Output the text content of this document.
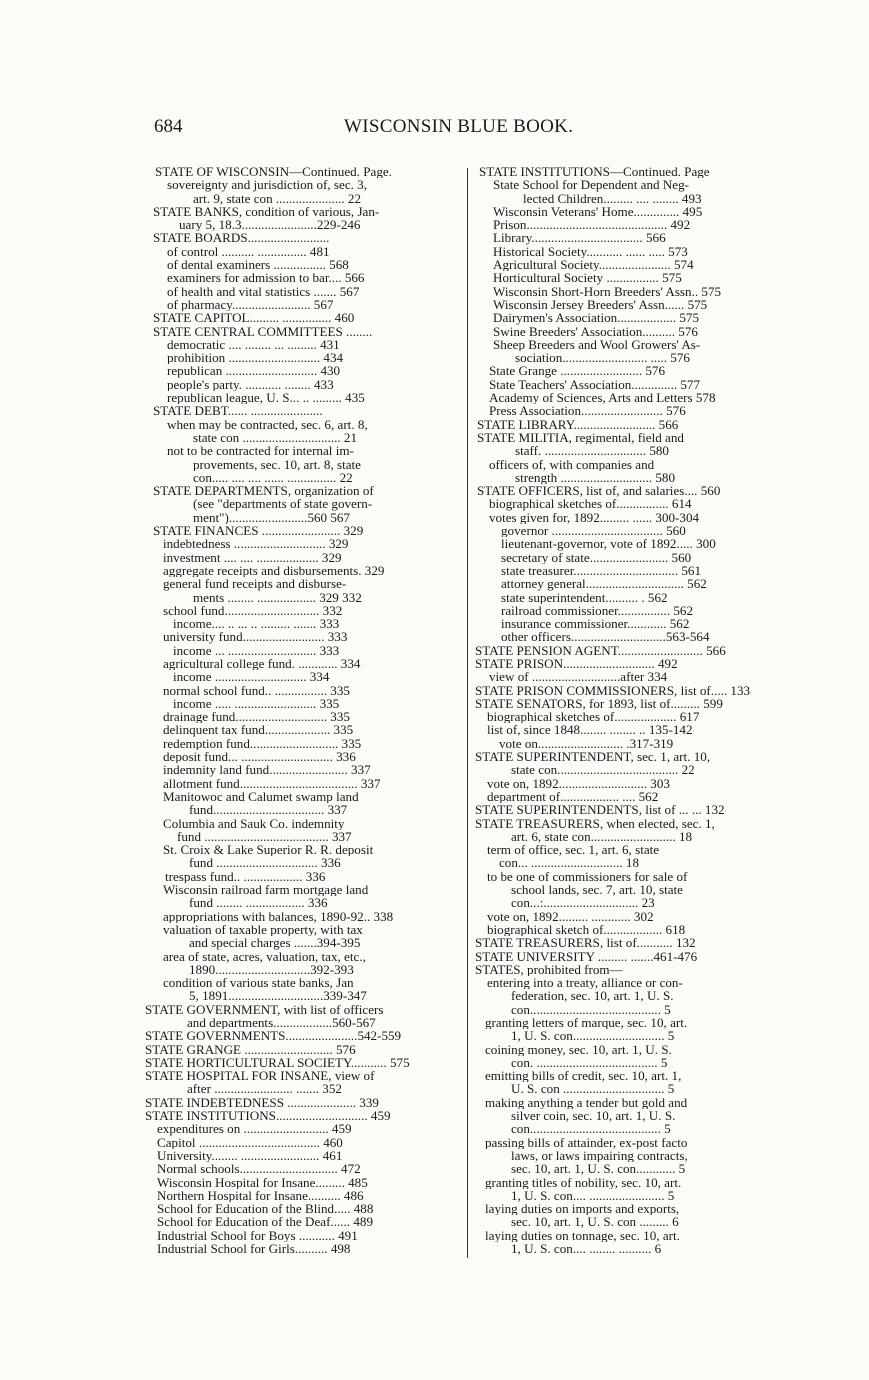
684	WISCONSIN BLUE BOOK.
STATE OF WISCONSIN—Continued. Page.
sovereignty and jurisdiction of, sec. 3,
art. 9, state con ..................... 22
STATE BANKS, condition of various, Jan-
uary 5, 18.3.......................229-246
STATE BOARDS.........................
of control .......... ............... 481
of dental examiners ................ 568
examiners for admission to bar.... 566
of health and vital statistics ....... 567
of pharmacy........................ 567
STATE CAPITOL......... ............... 460
STATE CENTRAL COMMITTEES ........
democratic .... ........ ... ......... 431
prohibition ............................ 434
republican ............................ 430
people's party. ........... ........ 433
republican league, U. S... .. ......... 435
STATE DEBT...... ......................
when may be contracted, sec. 6, art. 8,
state con .............................. 21
not to be contracted for internal im-
provements, sec. 10, art. 8, state
con..... .... .... ...... ............... 22
STATE DEPARTMENTS, organization of
(see "departments of state govern-
ment")........................560 567
STATE FINANCES ........................ 329
indebtedness ............................ 329
investment .... .... ................... 329
aggregate receipts and disbursements. 329
general fund receipts and disburse-
ments ........ .................. 329 332
school fund............................. 332
income.... .. ... .. ......... ....... 333
university fund......................... 333
income ... ........................... 333
agricultural college fund. ............ 334
income ............................ 334
normal school fund.. ................ 335
income ..... ......................... 335
drainage fund............................ 335
delinquent tax fund.................... 335
redemption fund........................... 335
deposit fund... ............................ 336
indemnity land fund........................ 337
allotment fund.................................... 337
Manitowoc and Calumet swamp land
fund.................................. 337
Columbia and Sauk Co. indemnity
fund ...................................... 337
St. Croix & Lake Superior R. R. deposit
fund ............................... 336
trespass fund.. .................. 336
Wisconsin railroad farm mortgage land
fund ........ .................. 336
appropriations with balances, 1890-92.. 338
valuation of taxable property, with tax
and special charges .......394-395
area of state, acres, valuation, tax, etc.,
1890.............................392-393
condition of various state banks, Jan
5, 1891.............................339-347
STATE GOVERNMENT, with list of officers
and departments..................560-567
STATE GOVERNMENTS......................542-559
STATE GRANGE ........................... 576
STATE HORTICULTURAL SOCIETY........... 575
STATE HOSPITAL FOR INSANE, view of
after ........................ ....... 352
STATE INDEBTEDNESS ..................... 339
STATE INSTITUTIONS............................ 459
expenditures on .......................... 459
Capitol ..................................... 460
University........ ........................ 461
Normal schools.............................. 472
Wisconsin Hospital for Insane......... 485
Northern Hospital for Insane.......... 486
School for Education of the Blind..... 488
School for Education of the Deaf...... 489
Industrial School for Boys ........... 491
Industrial School for Girls.......... 498
STATE INSTITUTIONS—Continued. Page
State School for Dependent and Neg-
lected Children......... .... ........ 493
Wisconsin Veterans' Home.............. 495
Prison........................................... 492
Library.................................. 566
Historical Society........... ...... ..... 573
Agricultural Society...................... 574
Horticultural Society ................ 575
Wisconsin Short-Horn Breeders' Assn.. 575
Wisconsin Jersey Breeders' Assn...... 575
Dairymen's Association.................. 575
Swine Breeders' Association.......... 576
Sheep Breeders and Wool Growers' As-
sociation.......................... ..... 576
State Grange ......................... 576
State Teachers' Association.............. 577
Academy of Sciences, Arts and Letters 578
Press Association......................... 576
STATE LIBRARY......................... 566
STATE MILITIA, regimental, field and
staff. ............................... 580
officers of, with companies and
strength ............................ 580
STATE OFFICERS, list of, and salaries.... 560
biographical sketches of................ 614
votes given for, 1892......... ...... 300-304
governor .................................. 560
lieutenant-governor, vote of 1892..... 300
secretary of state........................ 560
state treasurer................................ 561
attorney general.............................. 562
state superintendent.......... . 562
railroad commissioner................ 562
insurance commissioner............ 562
other officers.............................563-564
STATE PENSION AGENT.......................... 566
STATE PRISON............................ 492
view of ...........................after 334
STATE PRISON COMMISSIONERS, list of..... 133
STATE SENATORS, for 1893, list of......... 599
biographical sketches of................... 617
list of, since 1848........ ........ .. 135-142
vote on.......................... .317-319
STATE SUPERINTENDENT, sec. 1, art. 10,
state con..................................... 22
vote on, 1892........................... 303
department of.................. .... 562
STATE SUPERINTENDENTS, list of ... ... 132
STATE TREASURERS, when elected, sec. 1,
art. 6, state con.......................... 18
term of office, sec. 1, art. 6, state
con... ............................ 18
to be one of commissioners for sale of
school lands, sec. 7, art. 10, state
con...:............................. 23
vote on, 1892......... ............ 302
biographical sketch of.................. 618
STATE TREASURERS, list of........... 132
STATE UNIVERSITY ......... .......461-476
STATES, prohibited from—
entering into a treaty, alliance or con-
federation, sec. 10, art. 1, U. S.
con........................................ 5
granting letters of marque, sec. 10, art.
1, U. S. con............................ 5
coining money, sec. 10, art. 1, U. S.
con. ..................................... 5
emitting bills of credit, sec. 10, art. 1,
U. S. con ............................... 5
making anything a tender but gold and
silver coin, sec. 10, art. 1, U. S.
con........................................ 5
passing bills of attainder, ex-post facto
laws, or laws impairing contracts,
sec. 10, art. 1, U. S. con............ 5
granting titles of nobility, sec. 10, art.
1, U. S. con.... ....................... 5
laying duties on imports and exports,
sec. 10, art. 1, U. S. con ......... 6
laying duties on tonnage, sec. 10, art.
1, U. S. con.... ........ .......... 6
